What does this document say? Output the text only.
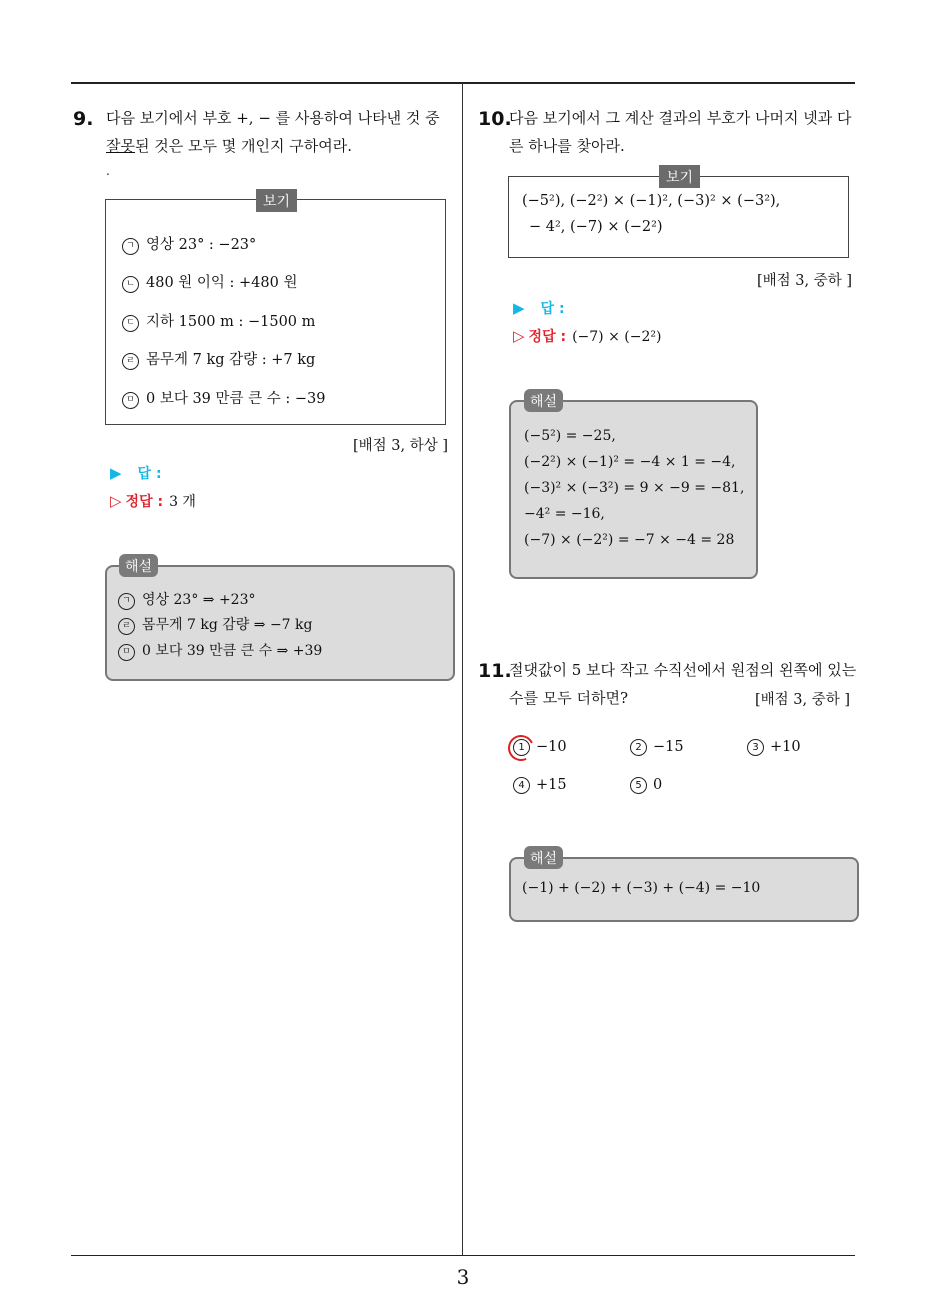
9. 다음 보기에서 부호 +, − 를 사용하여 나타낸 것 중
잘못된 것은 모두 몇 개인지 구하여라.
.
보기
ㄱ 영상 23° : −23°
ㄴ 480 원 이익 : +480 원
ㄷ 지하 1500 m : −1500 m
ㄹ 몸무게 7 kg 감량 : +7 kg
ㅁ 0 보다 39 만큼 큰 수 : −39
[배점 3, 하상 ]
▶ 답 :
▷ 정답 : 3 개
해설
ㄱ 영상 23° ⇒ +23°
ㄹ 몸무게 7 kg 감량 ⇒ −7 kg
ㅁ 0 보다 39 만큼 큰 수 ⇒ +39
10.
다음 보기에서 그 계산 결과의 부호가 나머지 넷과 다
른 하나를 찾아라.
보기
(−5²), (−2²) × (−1)², (−3)² × (−3²),
− 4², (−7) × (−2²)
[배점 3, 중하 ]
▶ 답 :
▷ 정답 : (−7) × (−2²)
해설
(−5²) = −25,
(−2²) × (−1)² = −4 × 1 = −4,
(−3)² × (−3²) = 9 × −9 = −81,
−4² = −16,
(−7) × (−2²) = −7 × −4 = 28
11.
절댓값이 5 보다 작고 수직선에서 원점의 왼쪽에 있는
수를 모두 더하면?	[배점 3, 중하 ]
1 −10	2 −15	3 +10
4 +15	5 0
해설
(−1) + (−2) + (−3) + (−4) = −10
3
